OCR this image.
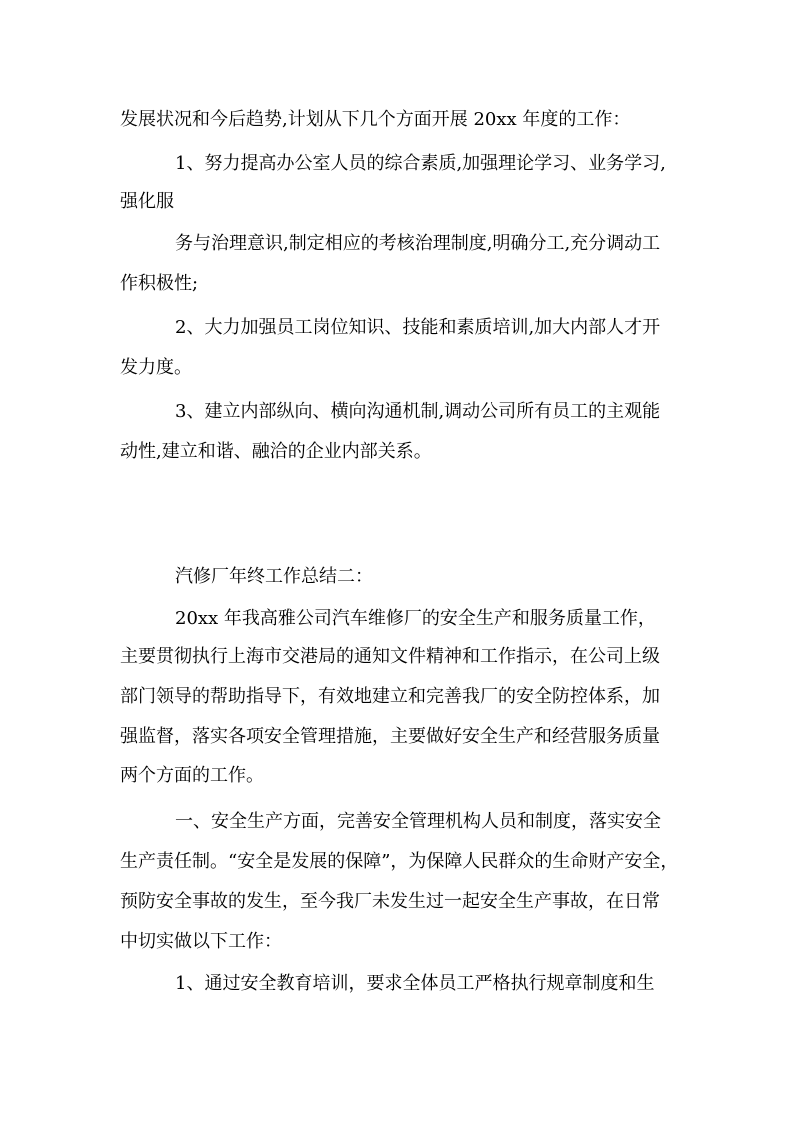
发展状况和今后趋势,计划从下几个方面开展 20xx 年度的工作：
1、努力提高办公室人员的综合素质,加强理论学习、业务学习,
强化服
务与治理意识,制定相应的考核治理制度,明确分工,充分调动工
作积极性;
2、大力加强员工岗位知识、技能和素质培训,加大内部人才开
发力度。
3、建立内部纵向、横向沟通机制,调动公司所有员工的主观能
动性,建立和谐、融洽的企业内部关系。
汽修厂年终工作总结二：
20xx 年我高雅公司汽车维修厂的安全生产和服务质量工作，
主要贯彻执行上海市交港局的通知文件精神和工作指示，在公司上级
部门领导的帮助指导下，有效地建立和完善我厂的安全防控体系，加
强监督，落实各项安全管理措施，主要做好安全生产和经营服务质量
两个方面的工作。
一、安全生产方面，完善安全管理机构人员和制度，落实安全
生产责任制。“安全是发展的保障”，为保障人民群众的生命财产安全，
预防安全事故的发生，至今我厂未发生过一起安全生产事故，在日常
中切实做以下工作：
1、通过安全教育培训，要求全体员工严格执行规章制度和生
